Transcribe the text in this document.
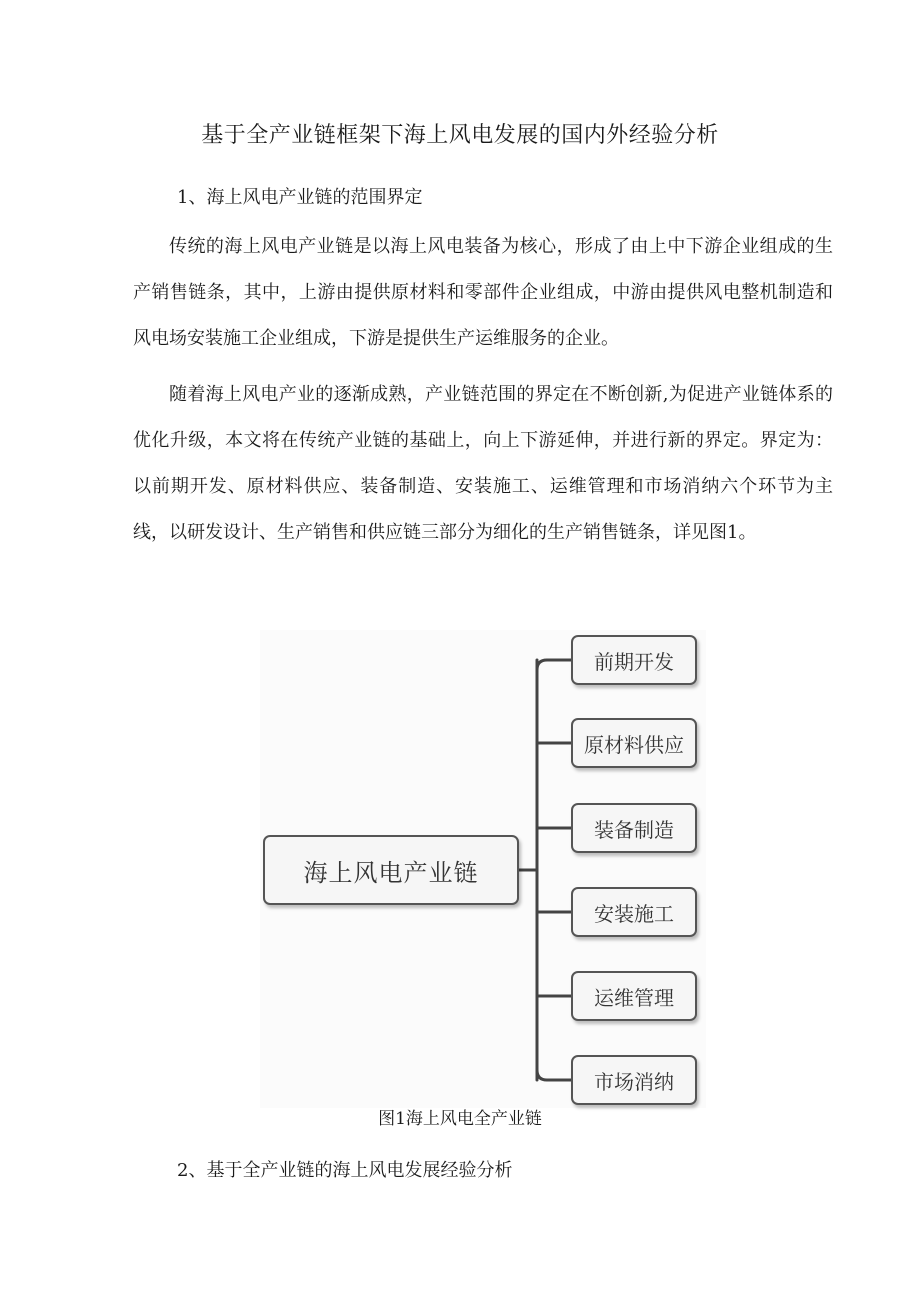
基于全产业链框架下海上风电发展的国内外经验分析
1、海上风电产业链的范围界定
传统的海上风电产业链是以海上风电装备为核心，形成了由上中下游企业组成的生产销售链条，其中，上游由提供原材料和零部件企业组成，中游由提供风电整机制造和风电场安装施工企业组成，下游是提供生产运维服务的企业。
随着海上风电产业的逐渐成熟，产业链范围的界定在不断创新,为促进产业链体系的优化升级，本文将在传统产业链的基础上，向上下游延伸，并进行新的界定。界定为：以前期开发、原材料供应、装备制造、安装施工、运维管理和市场消纳六个环节为主线，以研发设计、生产销售和供应链三部分为细化的生产销售链条，详见图1。
海上风电产业链
前期开发
原材料供应
装备制造
安装施工
运维管理
市场消纳
图1海上风电全产业链
2、基于全产业链的海上风电发展经验分析
